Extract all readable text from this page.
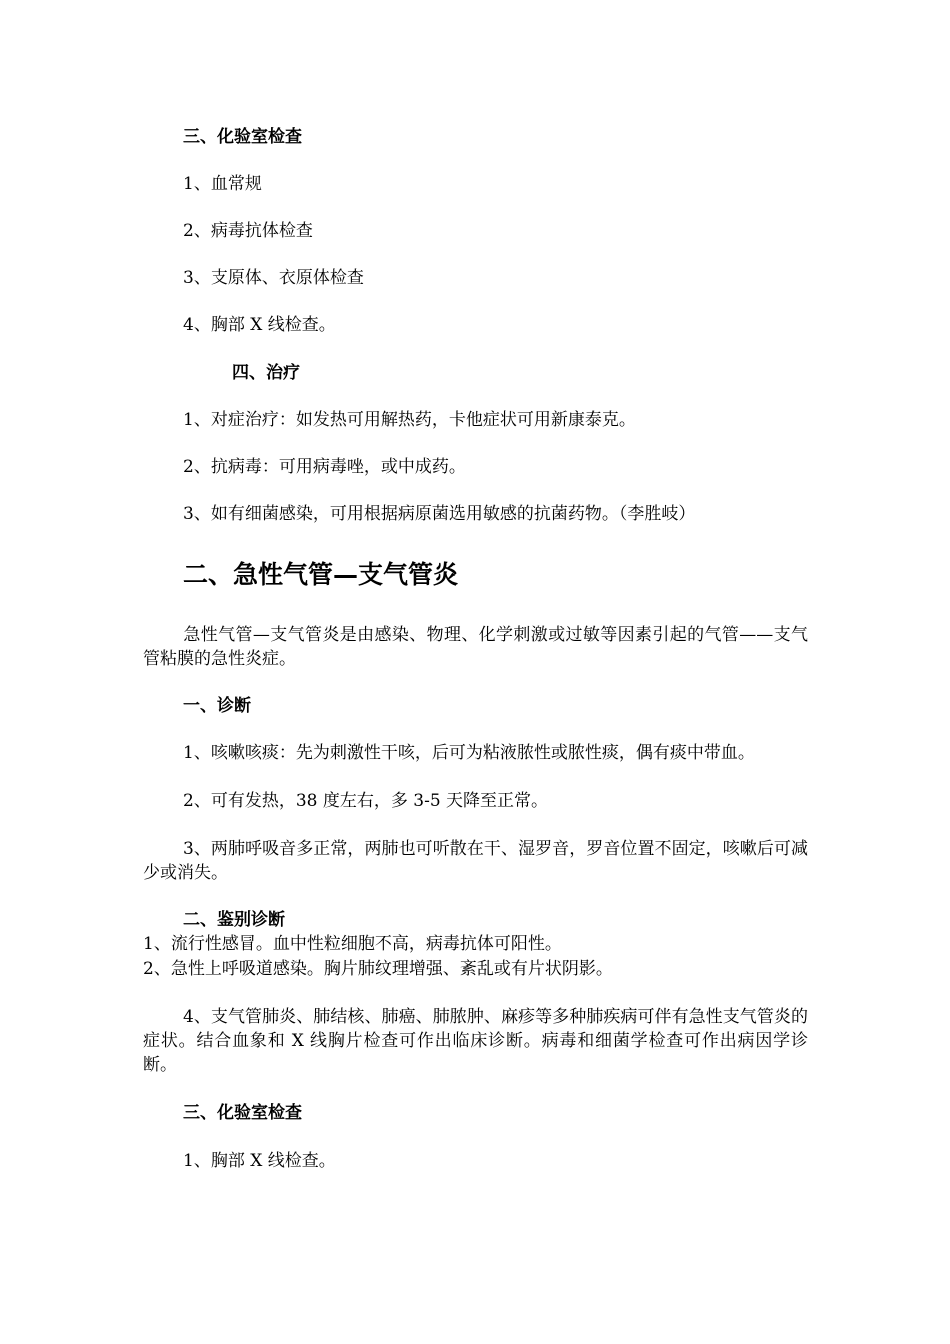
三、化验室检查

1、血常规

2、病毒抗体检查

3、支原体、衣原体检查

4、胸部 X 线检查。

四、治疗

1、对症治疗：如发热可用解热药，卡他症状可用新康泰克。

2、抗病毒：可用病毒唑，或中成药。

3、如有细菌感染，可用根据病原菌选用敏感的抗菌药物。（李胜岐）

二、急性气管—支气管炎

急性气管—支气管炎是由感染、物理、化学刺激或过敏等因素引起的气管——支气管粘膜的急性炎症。

一、诊断

1、咳嗽咳痰：先为刺激性干咳，后可为粘液脓性或脓性痰，偶有痰中带血。

2、可有发热，38 度左右，多 3-5 天降至正常。

3、两肺呼吸音多正常，两肺也可听散在干、湿罗音，罗音位置不固定，咳嗽后可减少或消失。

二、鉴别诊断

1、流行性感冒。血中性粒细胞不高，病毒抗体可阳性。

2、急性上呼吸道感染。胸片肺纹理增强、紊乱或有片状阴影。

4、支气管肺炎、肺结核、肺癌、肺脓肿、麻疹等多种肺疾病可伴有急性支气管炎的症状。结合血象和 X 线胸片检查可作出临床诊断。病毒和细菌学检查可作出病因学诊断。

三、化验室检查

1、胸部 X 线检查。
